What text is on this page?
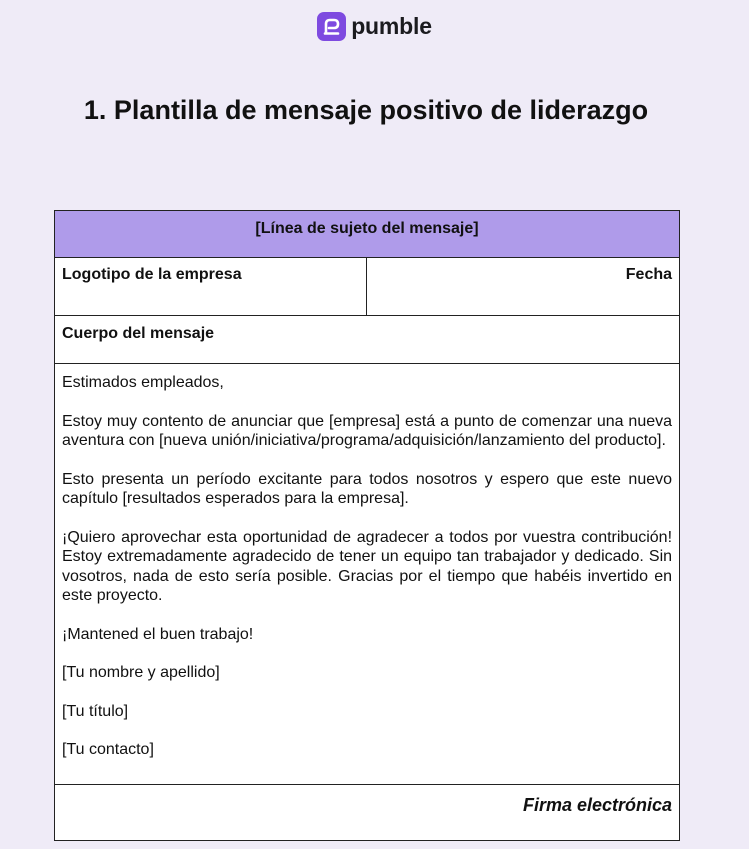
pumble
1. Plantilla de mensaje positivo de liderazgo
[Línea de sujeto del mensaje]
Logotipo de la empresa	Fecha
Cuerpo del mensaje

Estimados empleados,

Estoy muy contento de anunciar que [empresa] está a punto de comenzar una nueva aventura con [nueva unión/iniciativa/programa/adquisición/lanzamiento del producto].

Esto presenta un período excitante para todos nosotros y espero que este nuevo capítulo [resultados esperados para la empresa].

¡Quiero aprovechar esta oportunidad de agradecer a todos por vuestra contribución! Estoy extremadamente agradecido de tener un equipo tan trabajador y dedicado. Sin vosotros, nada de esto sería posible. Gracias por el tiempo que habéis invertido en este proyecto.

¡Mantened el buen trabajo!

[Tu nombre y apellido]

[Tu título]

[Tu contacto]

Firma electrónica
